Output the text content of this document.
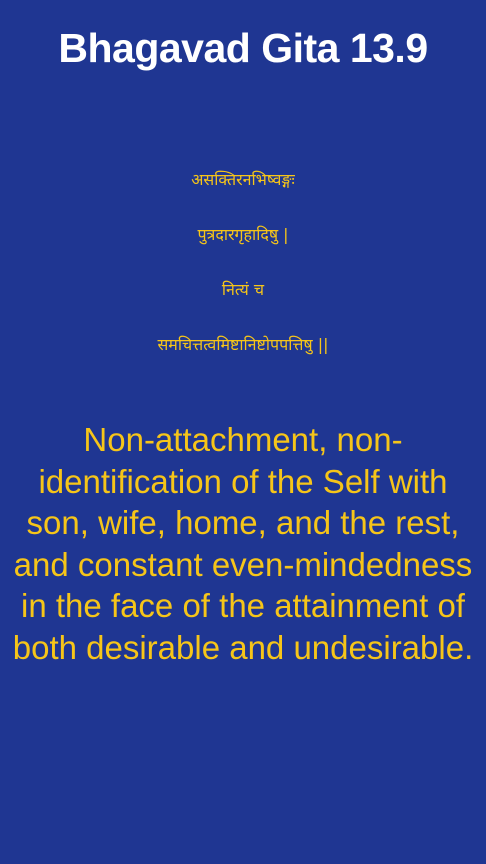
Bhagavad Gita 13.9
असक्तिरनभिष्वङ्गः
पुत्रदारगृहादिषु |
नित्यं च
समचित्तत्वमिष्टानिष्टोपपत्तिषु ||
Non-attachment, non-identification of the Self with son, wife, home, and the rest, and constant even-mindedness in the face of the attainment of both desirable and undesirable.
